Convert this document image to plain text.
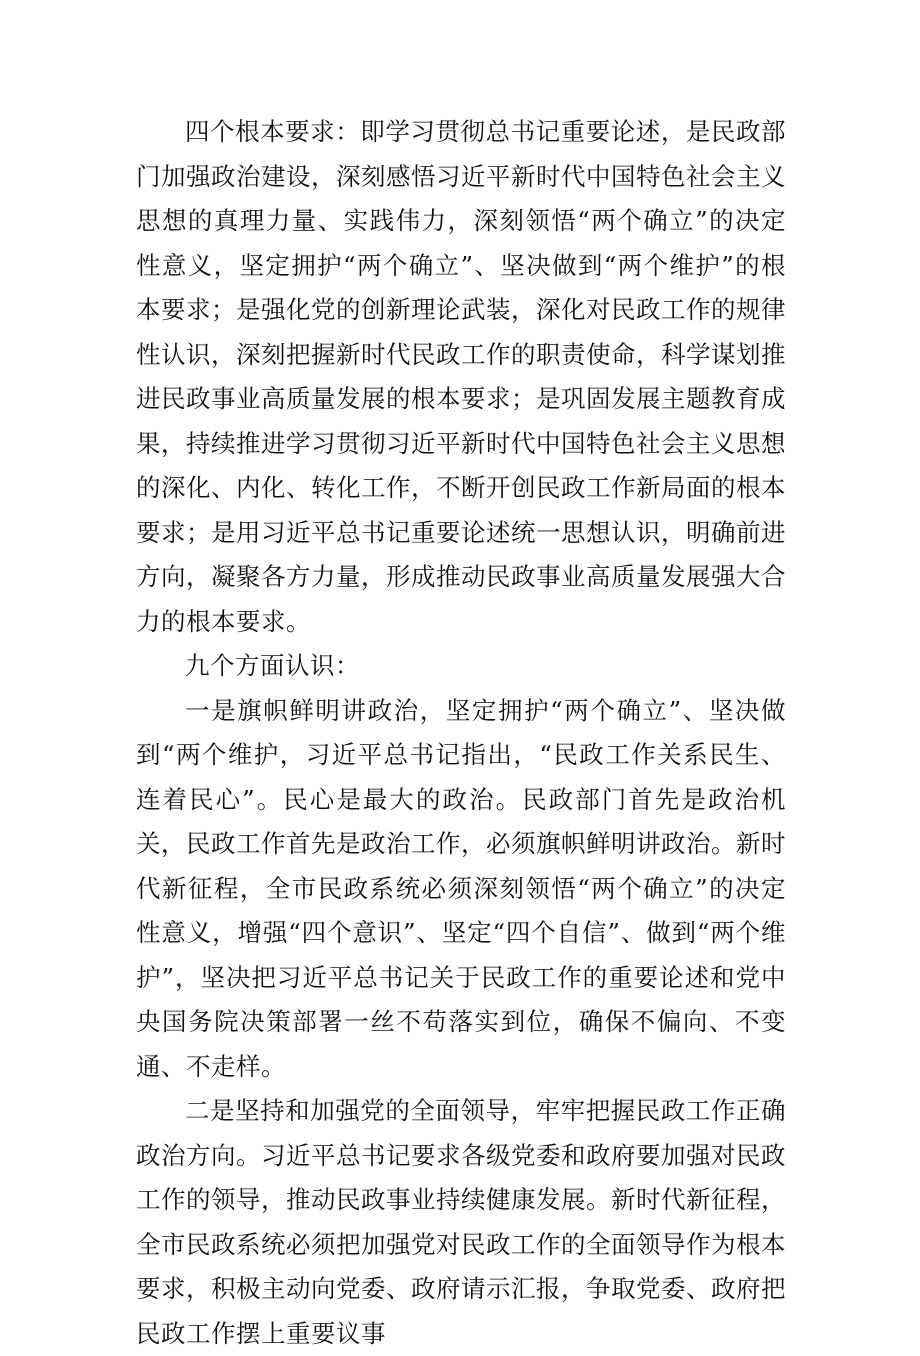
四个根本要求：即学习贯彻总书记重要论述，是民政部门加强政治建设，深刻感悟习近平新时代中国特色社会主义思想的真理力量、实践伟力，深刻领悟“两个确立”的决定性意义，坚定拥护“两个确立”、坚决做到“两个维护”的根本要求；是强化党的创新理论武装，深化对民政工作的规律性认识，深刻把握新时代民政工作的职责使命，科学谋划推进民政事业高质量发展的根本要求；是巩固发展主题教育成果，持续推进学习贯彻习近平新时代中国特色社会主义思想的深化、内化、转化工作，不断开创民政工作新局面的根本要求；是用习近平总书记重要论述统一思想认识，明确前进方向，凝聚各方力量，形成推动民政事业高质量发展强大合力的根本要求。

九个方面认识：

一是旗帜鲜明讲政治，坚定拥护“两个确立”、坚决做到“两个维护，习近平总书记指出，“民政工作关系民生、连着民心”。民心是最大的政治。民政部门首先是政治机关，民政工作首先是政治工作，必须旗帜鲜明讲政治。新时代新征程，全市民政系统必须深刻领悟“两个确立”的决定性意义，增强“四个意识”、坚定“四个自信”、做到“两个维护”，坚决把习近平总书记关于民政工作的重要论述和党中央国务院决策部署一丝不苟落实到位，确保不偏向、不变通、不走样。

二是坚持和加强党的全面领导，牢牢把握民政工作正确政治方向。习近平总书记要求各级党委和政府要加强对民政工作的领导，推动民政事业持续健康发展。新时代新征程，全市民政系统必须把加强党对民政工作的全面领导作为根本要求，积极主动向党委、政府请示汇报，争取党委、政府把民政工作摆上重要议事
